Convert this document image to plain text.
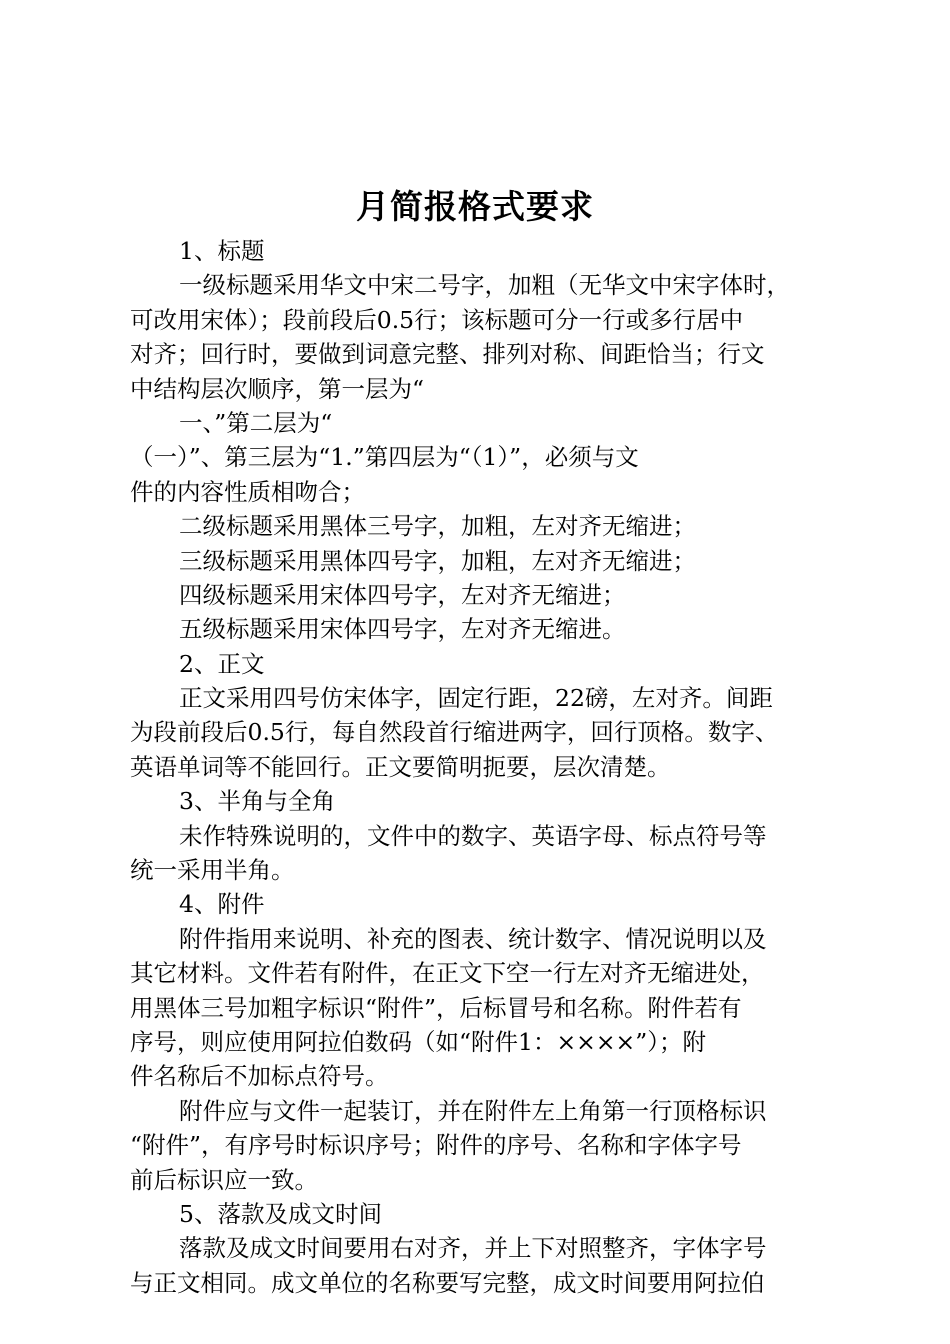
月简报格式要求
1、标题
一级标题采用华文中宋二号字，加粗（无华文中宋字体时，
可改用宋体）；段前段后0.5行；该标题可分一行或多行居中
对齐；回行时，要做到词意完整、排列对称、间距恰当；行文
中结构层次顺序，第一层为“
一、”第二层为“
（一）”、第三层为“1.”第四层为“（1）”，必须与文
件的内容性质相吻合；
二级标题采用黑体三号字，加粗，左对齐无缩进；
三级标题采用黑体四号字，加粗，左对齐无缩进；
四级标题采用宋体四号字，左对齐无缩进；
五级标题采用宋体四号字，左对齐无缩进。
2、正文
正文采用四号仿宋体字，固定行距，22磅，左对齐。间距
为段前段后0.5行，每自然段首行缩进两字，回行顶格。数字、
英语单词等不能回行。正文要简明扼要，层次清楚。
3、半角与全角
未作特殊说明的，文件中的数字、英语字母、标点符号等
统一采用半角。
4、附件
附件指用来说明、补充的图表、统计数字、情况说明以及
其它材料。文件若有附件，在正文下空一行左对齐无缩进处，
用黑体三号加粗字标识“附件”，后标冒号和名称。附件若有
序号，则应使用阿拉伯数码（如“附件1：××××”）；附
件名称后不加标点符号。
附件应与文件一起装订，并在附件左上角第一行顶格标识
“附件”，有序号时标识序号；附件的序号、名称和字体字号
前后标识应一致。
5、落款及成文时间
落款及成文时间要用右对齐，并上下对照整齐，字体字号
与正文相同。成文单位的名称要写完整，成文时间要用阿拉伯
